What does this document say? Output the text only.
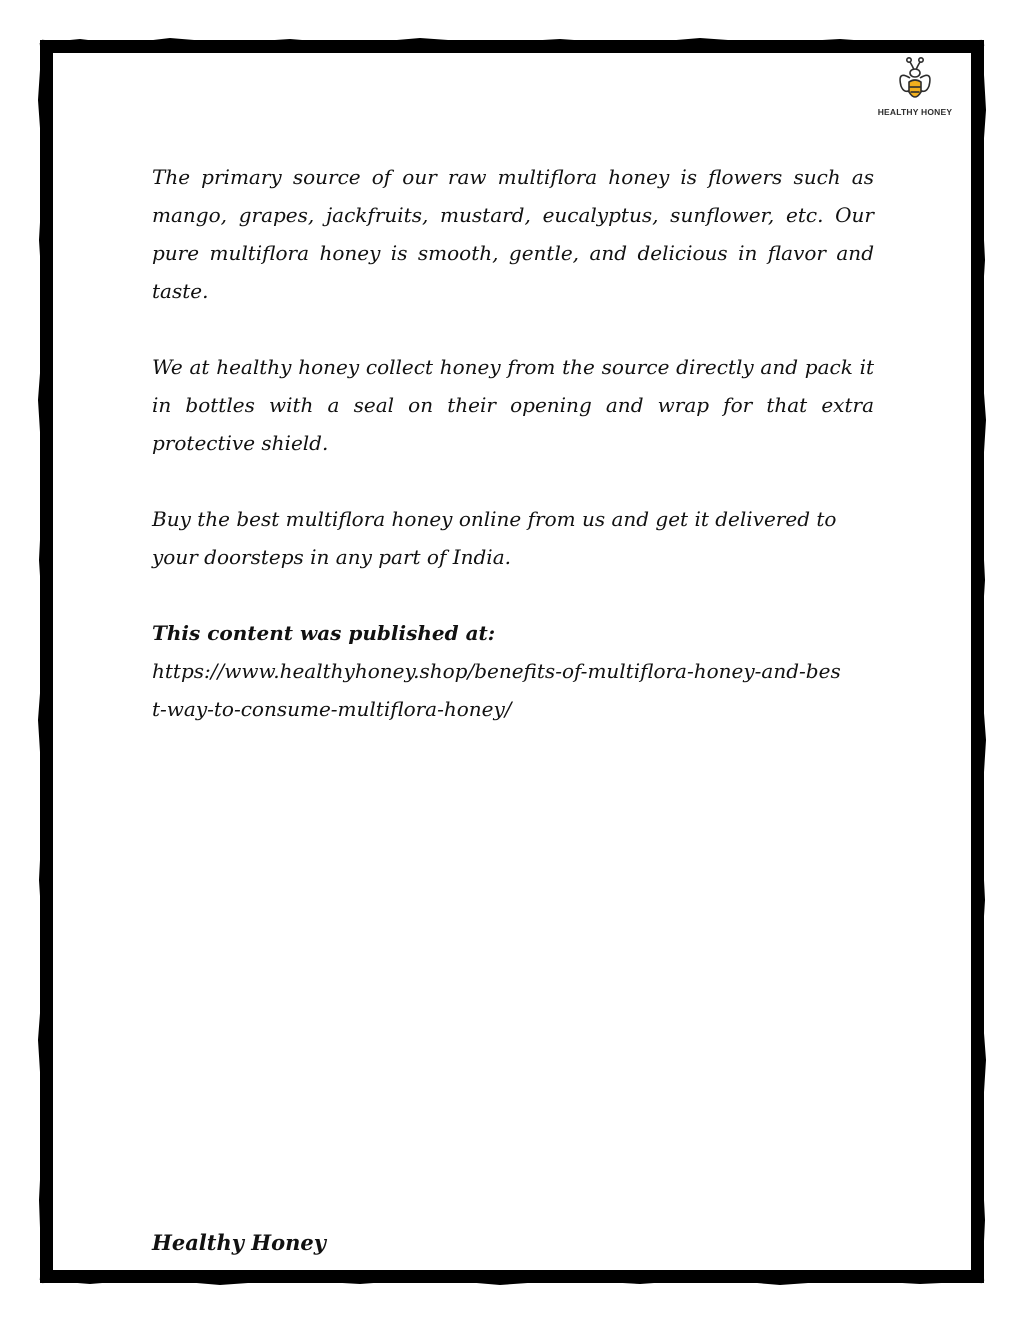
HEALTHY HONEY

The primary source of our raw multiflora honey is flowers such as mango, grapes, jackfruits, mustard, eucalyptus, sunflower, etc. Our pure multiflora honey is smooth, gentle, and delicious in flavor and taste.

We at healthy honey collect honey from the source directly and pack it in bottles with a seal on their opening and wrap for that extra protective shield.

Buy the best multiflora honey online from us and get it delivered to your doorsteps in any part of India.

This content was published at:

https://www.healthyhoney.shop/benefits-of-multiflora-honey-and-best-way-to-consume-multiflora-honey/

Healthy Honey
